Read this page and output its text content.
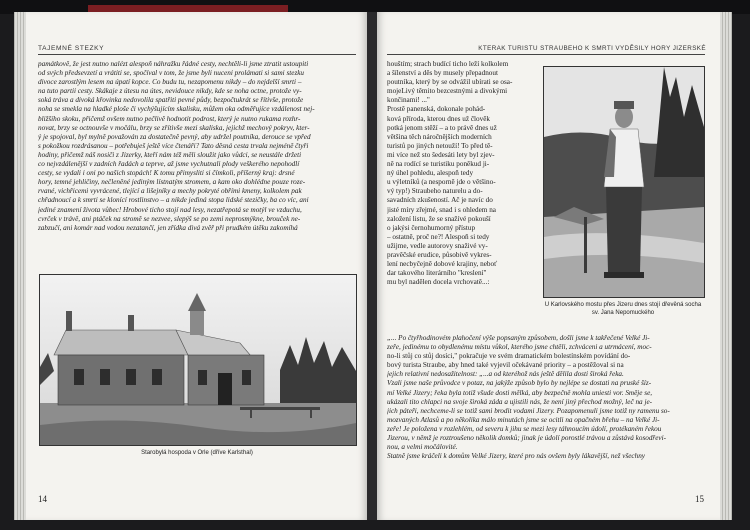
TAJEMNÉ STEZKY
památkově, že jest nutno nalézt alespoň náhražku řádné cesty, nechtěli-li jsme ztratit ustoupiti
od svých předsevzetí a vrátiti se, spočíval v tom, že jsme byli nuceni prolámati si sami stezku
divoce zarostlým lesem na úpatí kopce. Co budu tu, nezapomenu nikdy – do nejdelší smrti –
na tuto partii cesty. Skákaje z útesu na útes, nevidouce nikdy, kde se noha octne, protože vy-
soká tráva a divoká křovinka nedovolila spatřiti pevné půdy, bezpočtukrát se řítivše, protože
noha se smekla na hladké ploše či vychýšujícím skalisku, můžem oka odměřujíce vzdálenost nej-
bližšího skoku, přičemž ovšem nutno pečlivě hodnotit podrost, který je nutno rukama rozhr-
novat, brzy se octnouvše v močálu, brzy se zřítivše mezi skaliska, jejichž mechový pokryv, kter-
ý je spojoval, byl mylně považován za dostatečně pevný, aby udržel poutníka, derouce se vpřed
s pokožkou rozdrásanou – potřebuješ ještě více čtenáři? Tato děsná cesta trvala nejméně čtyři
hodiny, přičemž náš nosiči z Jizerky, kteří nám též měli sloužit jako vůdci, se neustále držeti
co nejvzdálenější v zadních řadách a teprve, až jsme vychutnali plody veškerého nepohodlí
cesty, se vydali i oni po našich stopách! K tomu přimysliti si čímkoli, příšerný kraj: drsné
hory, temné jehličiny, nečleněné jediným lístnatým stromem, a kam oko dohlédne pouze roze-
rvané, vichřicemi vyvrácené, tlející a lišejníky a mechy pokryté obřími kmeny, kolkolem pak
chřadnoucí a k smrti se klonící rostlinstvo – a nikde jediná stopa lidské stezičky, ba co víc, ani
jediné znamení života vůbec! Hrobové ticho stojí nad lesy, nezatřepotá se motýl ve vzduchu,
cvrček v trávě, ani ptáček na stromě se nezvee, slepýš se po zemi neprosmýkne, brouček ne-
zabzučí, ani komár nad vodou nezatančí, jen zřídka divá zvěř při prudkém útěku zakomíhá
Starobylá hospoda v Orle (dříve Karlsthal)
14
KTERAK TURISTU STRAUBEHO K SMRTI VYDĚSILY HORY JIZERSKÉ
houštím; strach budící ticho leží kolkolem
a šílenství a děs by musely přepadnout
poutníka, který by se odvážil ubírati se osa-
mojeLivý těmito bezcestnými a divokými
končinami! ..."
Prostě panenská, dokonale pohád-
ková příroda, kterou dnes už člověk
potká jenom stěží – a to právě dnes už
většina těch náročnějších moderních
turistů po jiných netouží! To před tě-
mi více než sto šedesáti lety byl zjev-
ně na rodící se turistiku poněkud ji-
ný úhel pohledu, alespoň tedy
u výletníků (a nesporně jde o většino-
vý typ!) Straubeho naturelu a do-
savadních zkušeností. Ač je navíc do
jisté míry zřejmé, snad i s ohledem na
založení listu, že se snažívé pokouší
o jakýsi černohumorný přístup
– ostatně, proč ne?! Alespoň si tedy
užijme, vedle autorovy snaživé vy-
pravěčské erudice, působivě vykres-
lení necbyčejně dobové krajiny, neboť
dar takového literárního "kreslení"
mu byl nadělen docela vrchovatě...:
U Karlovského mostu přes Jizeru dnes stojí dřevěná socha sv. Jana Nepomuckého
„... Po čtyřhodinovém plahočení výše popsaným způsobem, došli jsme k takřečené Velké Ji-
zeře, jedinému to obydlenému místu vůkol, kterého jsme chtěli, zchváceni a utrmácení, moc-
no-li stůj co stůj dosíci," pokračuje ve svém dramatickém bolestínském povídání do-
bový turista Straube, aby hned také vyjevil očekávané priority – a postěžoval si na
jejich relativní nedosažitelnost: „...a od kteréhož nás ještě dělila dosti široká řeka.
Vzali jsme naše průvodce v potaz, na jakýže způsob bylo by nejlépe se dostati na pruské šíz-
mí Velké Jizery; řeka byla totiž všude dosti mělká, aby bezpečně mohla uniesti vor. Směje se,
ukázali tito chlapci na svoje široká záda a ujistili nás, že není jiný přechod možný, leč na je-
jich páteři, nechceme-li se totiž sami brodit vodami Jizery. Pozapomenuli jsme totiž ny ramenu so-
mozvaných Atlasů a po několika málo minutách jsme se ocitli na opačném břehu – na Velké Ji-
zeře! Je položena v rozlehlém, od severu k jihu se mezi lesy táhnoucím údolí, protékaném řekou
Jizerou, v němž je roztroušeno několik domků; jinak je údolí porostlé trávou a zůstává kosodřevi-
nou, a velmi močálovité.
Statně jsme kráčeli k domům Velké Jizery, které pro nás ovšem byly lákavější, než všechny
15
